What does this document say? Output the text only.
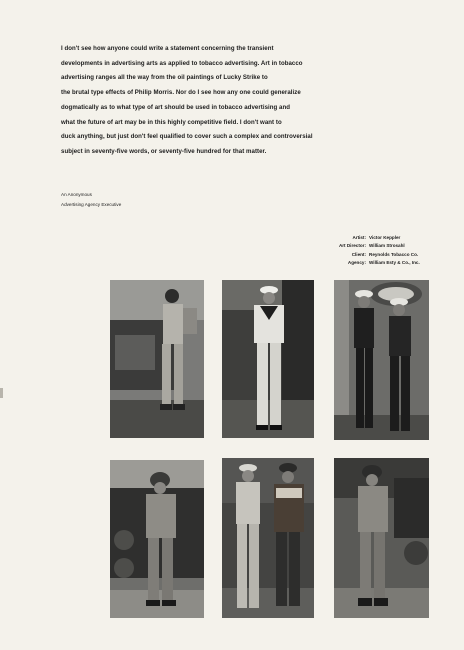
I don't see how anyone could write a statement concerning the transient
developments in advertising arts as applied to tobacco advertising. Art in tobacco
advertising ranges all the way from the oil paintings of Lucky Strike to
the brutal type effects of Philip Morris. Nor do I see how any one could generalize
dogmatically as to what type of art should be used in tobacco advertising and
what the future of art may be in this highly competitive field. I don't want to
duck anything, but just don't feel qualified to cover such a complex and controversial
subject in seventy-five words, or seventy-five hundred for that matter.
An Anonymous
Advertising Agency Executive
Artist: Victor Keppler
Art Director: William Strosahl
Client: Reynolds Tobacco Co.
Agency: William Esty & Co., Inc.
